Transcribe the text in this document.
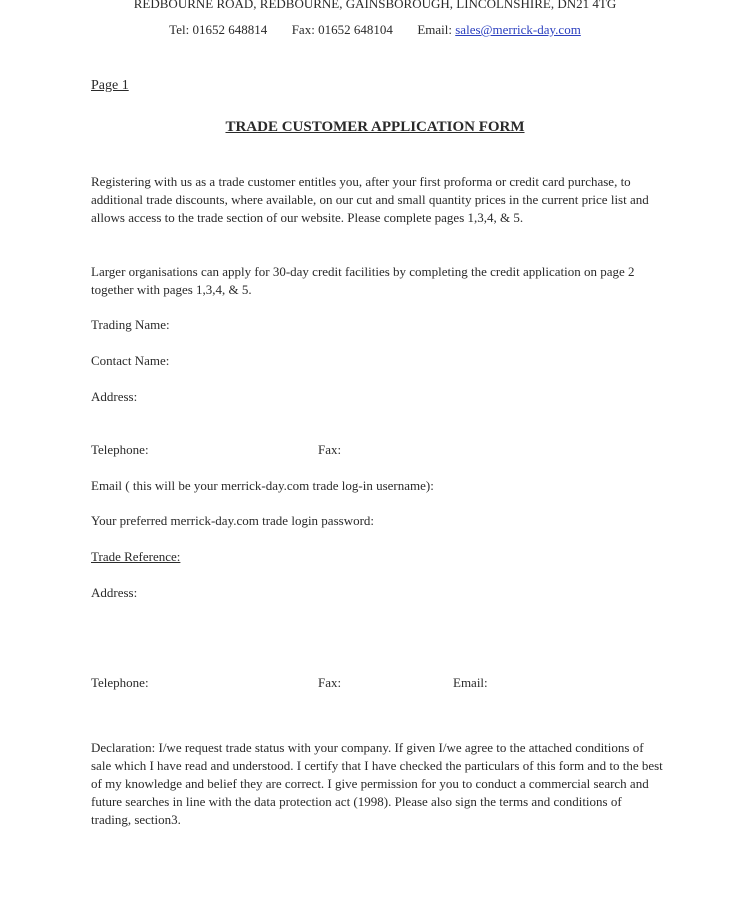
REDBOURNE ROAD, REDBOURNE, GAINSBOROUGH, LINCOLNSHIRE, DN21 4TG
Tel: 01652 648814 Fax: 01652 648104 Email: sales@merrick-day.com
Page 1
TRADE CUSTOMER APPLICATION FORM
Registering with us as a trade customer entitles you, after your first proforma or credit card purchase, to additional trade discounts, where available, on our cut and small quantity prices in the current price list and allows access to the trade section of our website. Please complete pages 1,3,4, & 5.
Larger organisations can apply for 30-day credit facilities by completing the credit application on page 2 together with pages 1,3,4, & 5.
Trading Name:
Contact Name:
Address:
Telephone:	Fax:
Email ( this will be your merrick-day.com trade log-in username):
Your preferred merrick-day.com trade login password:
Trade Reference:
Address:
Telephone:	Fax:	Email:
Declaration: I/we request trade status with your company. If given I/we agree to the attached conditions of sale which I have read and understood. I certify that I have checked the particulars of this form and to the best of my knowledge and belief they are correct. I give permission for you to conduct a commercial search and future searches in line with the data protection act (1998). Please also sign the terms and conditions of trading, section3.
